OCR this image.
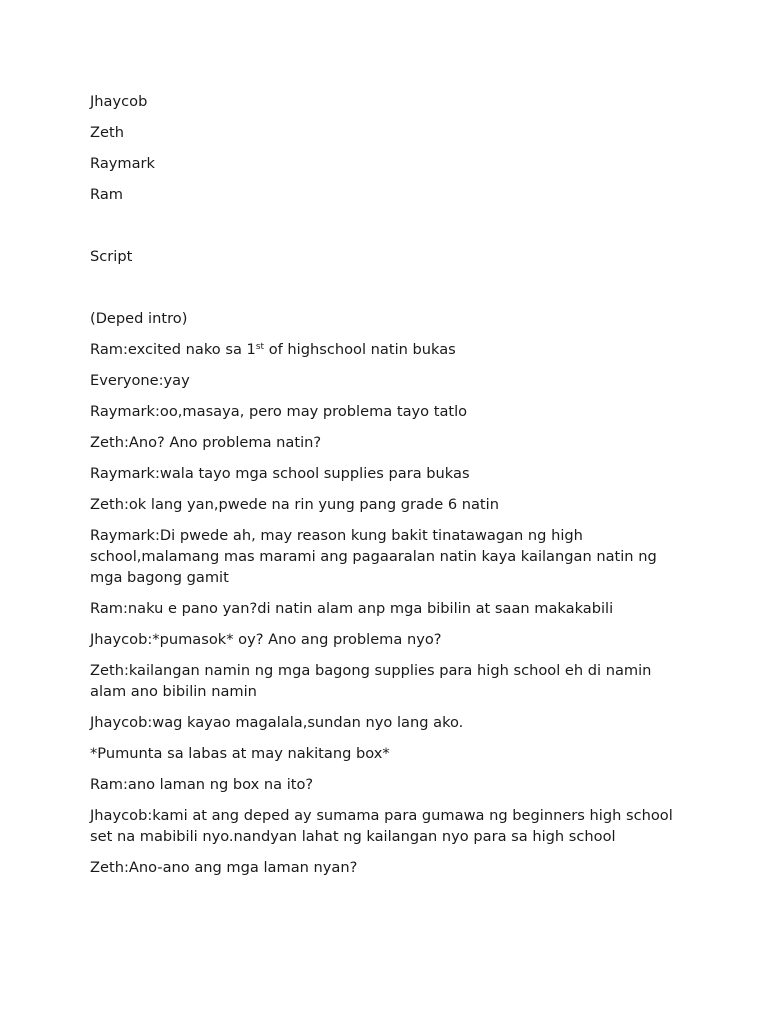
Jhaycob

Zeth

Raymark

Ram

Script

(Deped intro)

Ram:excited nako sa 1st of highschool natin bukas

Everyone:yay

Raymark:oo,masaya, pero may problema tayo tatlo

Zeth:Ano? Ano problema natin?

Raymark:wala tayo mga school supplies para bukas

Zeth:ok lang yan,pwede na rin yung pang grade 6 natin

Raymark:Di pwede ah, may reason kung bakit tinatawagan ng high school,malamang mas marami ang pagaaralan natin kaya kailangan natin ng mga bagong gamit

Ram:naku e pano yan?di natin alam anp mga bibilin at saan makakabili

Jhaycob:*pumasok* oy? Ano ang problema nyo?

Zeth:kailangan namin ng mga bagong supplies para high school eh di namin alam ano bibilin namin

Jhaycob:wag kayao magalala,sundan nyo lang ako.

*Pumunta sa labas at may nakitang box*

Ram:ano laman ng box na ito?

Jhaycob:kami at ang deped ay sumama para gumawa ng beginners high school set na mabibili nyo.nandyan lahat ng kailangan nyo para sa high school

Zeth:Ano-ano ang mga laman nyan?
